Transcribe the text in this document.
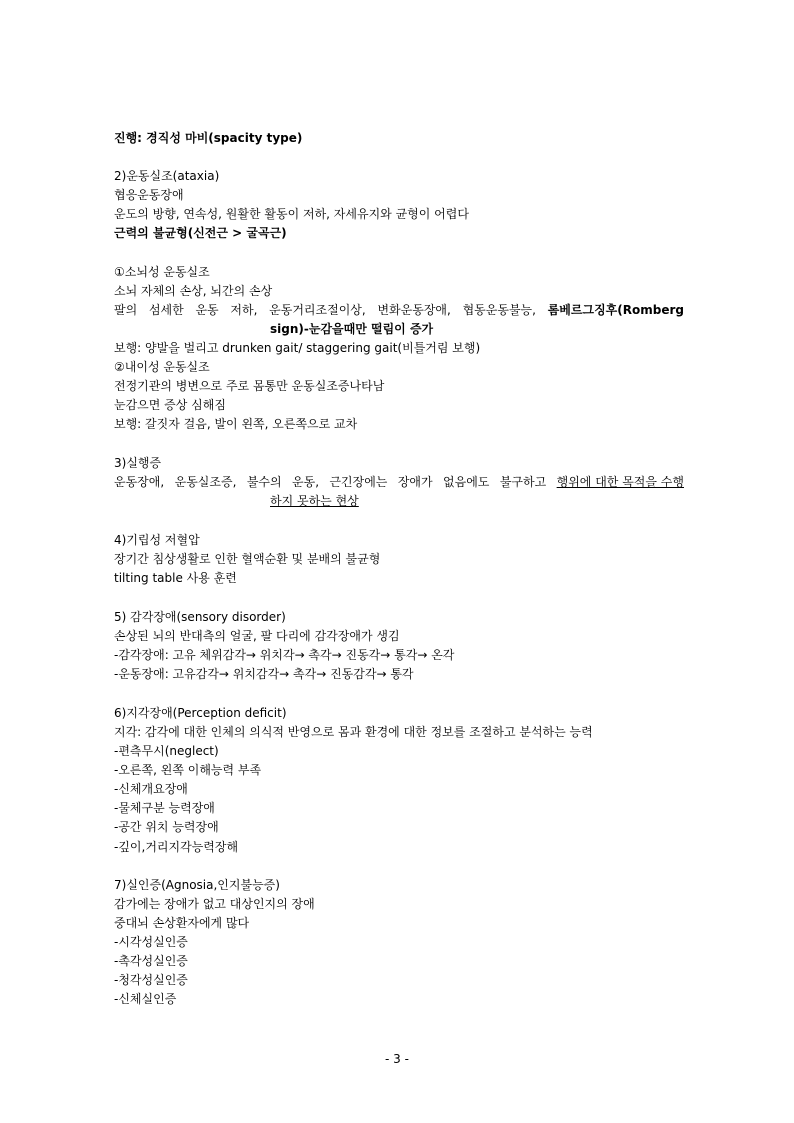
진행: 경직성 마비(spacity type)
2)운동실조(ataxia)
협응운동장애
운도의 방향, 연속성, 원활한 활동이 저하, 자세유지와 균형이 어렵다
근력의 불균형(신전근 > 굴곡근)
①소뇌성 운동실조
소뇌 자체의 손상, 뇌간의 손상
팔의 섬세한 운동 저하, 운동거리조절이상, 변화운동장애, 협동운동불능, 롬베르그징후(Romberg
sign)-눈감을때만 떨림이 증가
보행: 양발을 벌리고 drunken gait/ staggering gait(비틀거림 보행)
②내이성 운동실조
전정기관의 병변으로 주로 몸통만 운동실조증나타남
눈감으면 증상 심해짐
보행: 갈짓자 걸음, 발이 왼쪽, 오른쪽으로 교차
3)실행증
운동장애, 운동실조증, 불수의 운동, 근긴장에는 장애가 없음에도 불구하고 행위에 대한 목적을 수행
하지 못하는 현상
4)기립성 저혈압
장기간 침상생활로 인한 혈액순환 및 분배의 불균형
tilting table 사용 훈련
5) 감각장애(sensory disorder)
손상된 뇌의 반대측의 얼굴, 팔 다리에 감각장애가 생김
-감각장애: 고유 체위감각→ 위치각→ 촉각→ 진동각→ 통각→ 온각
-운동장애: 고유감각→ 위치감각→ 촉각→ 진동감각→ 통각
6)지각장애(Perception deficit)
지각: 감각에 대한 인체의 의식적 반영으로 몸과 환경에 대한 정보를 조절하고 분석하는 능력
-편측무시(neglect)
-오른쪽, 왼쪽 이해능력 부족
-신체개요장애
-물체구분 능력장애
-공간 위치 능력장애
-깊이,거리지각능력장해
7)실인증(Agnosia,인지불능증)
감가에는 장애가 없고 대상인지의 장애
중대뇌 손상환자에게 많다
-시각성실인증
-촉각성실인증
-청각성실인증
-신체실인증
- 3 -
